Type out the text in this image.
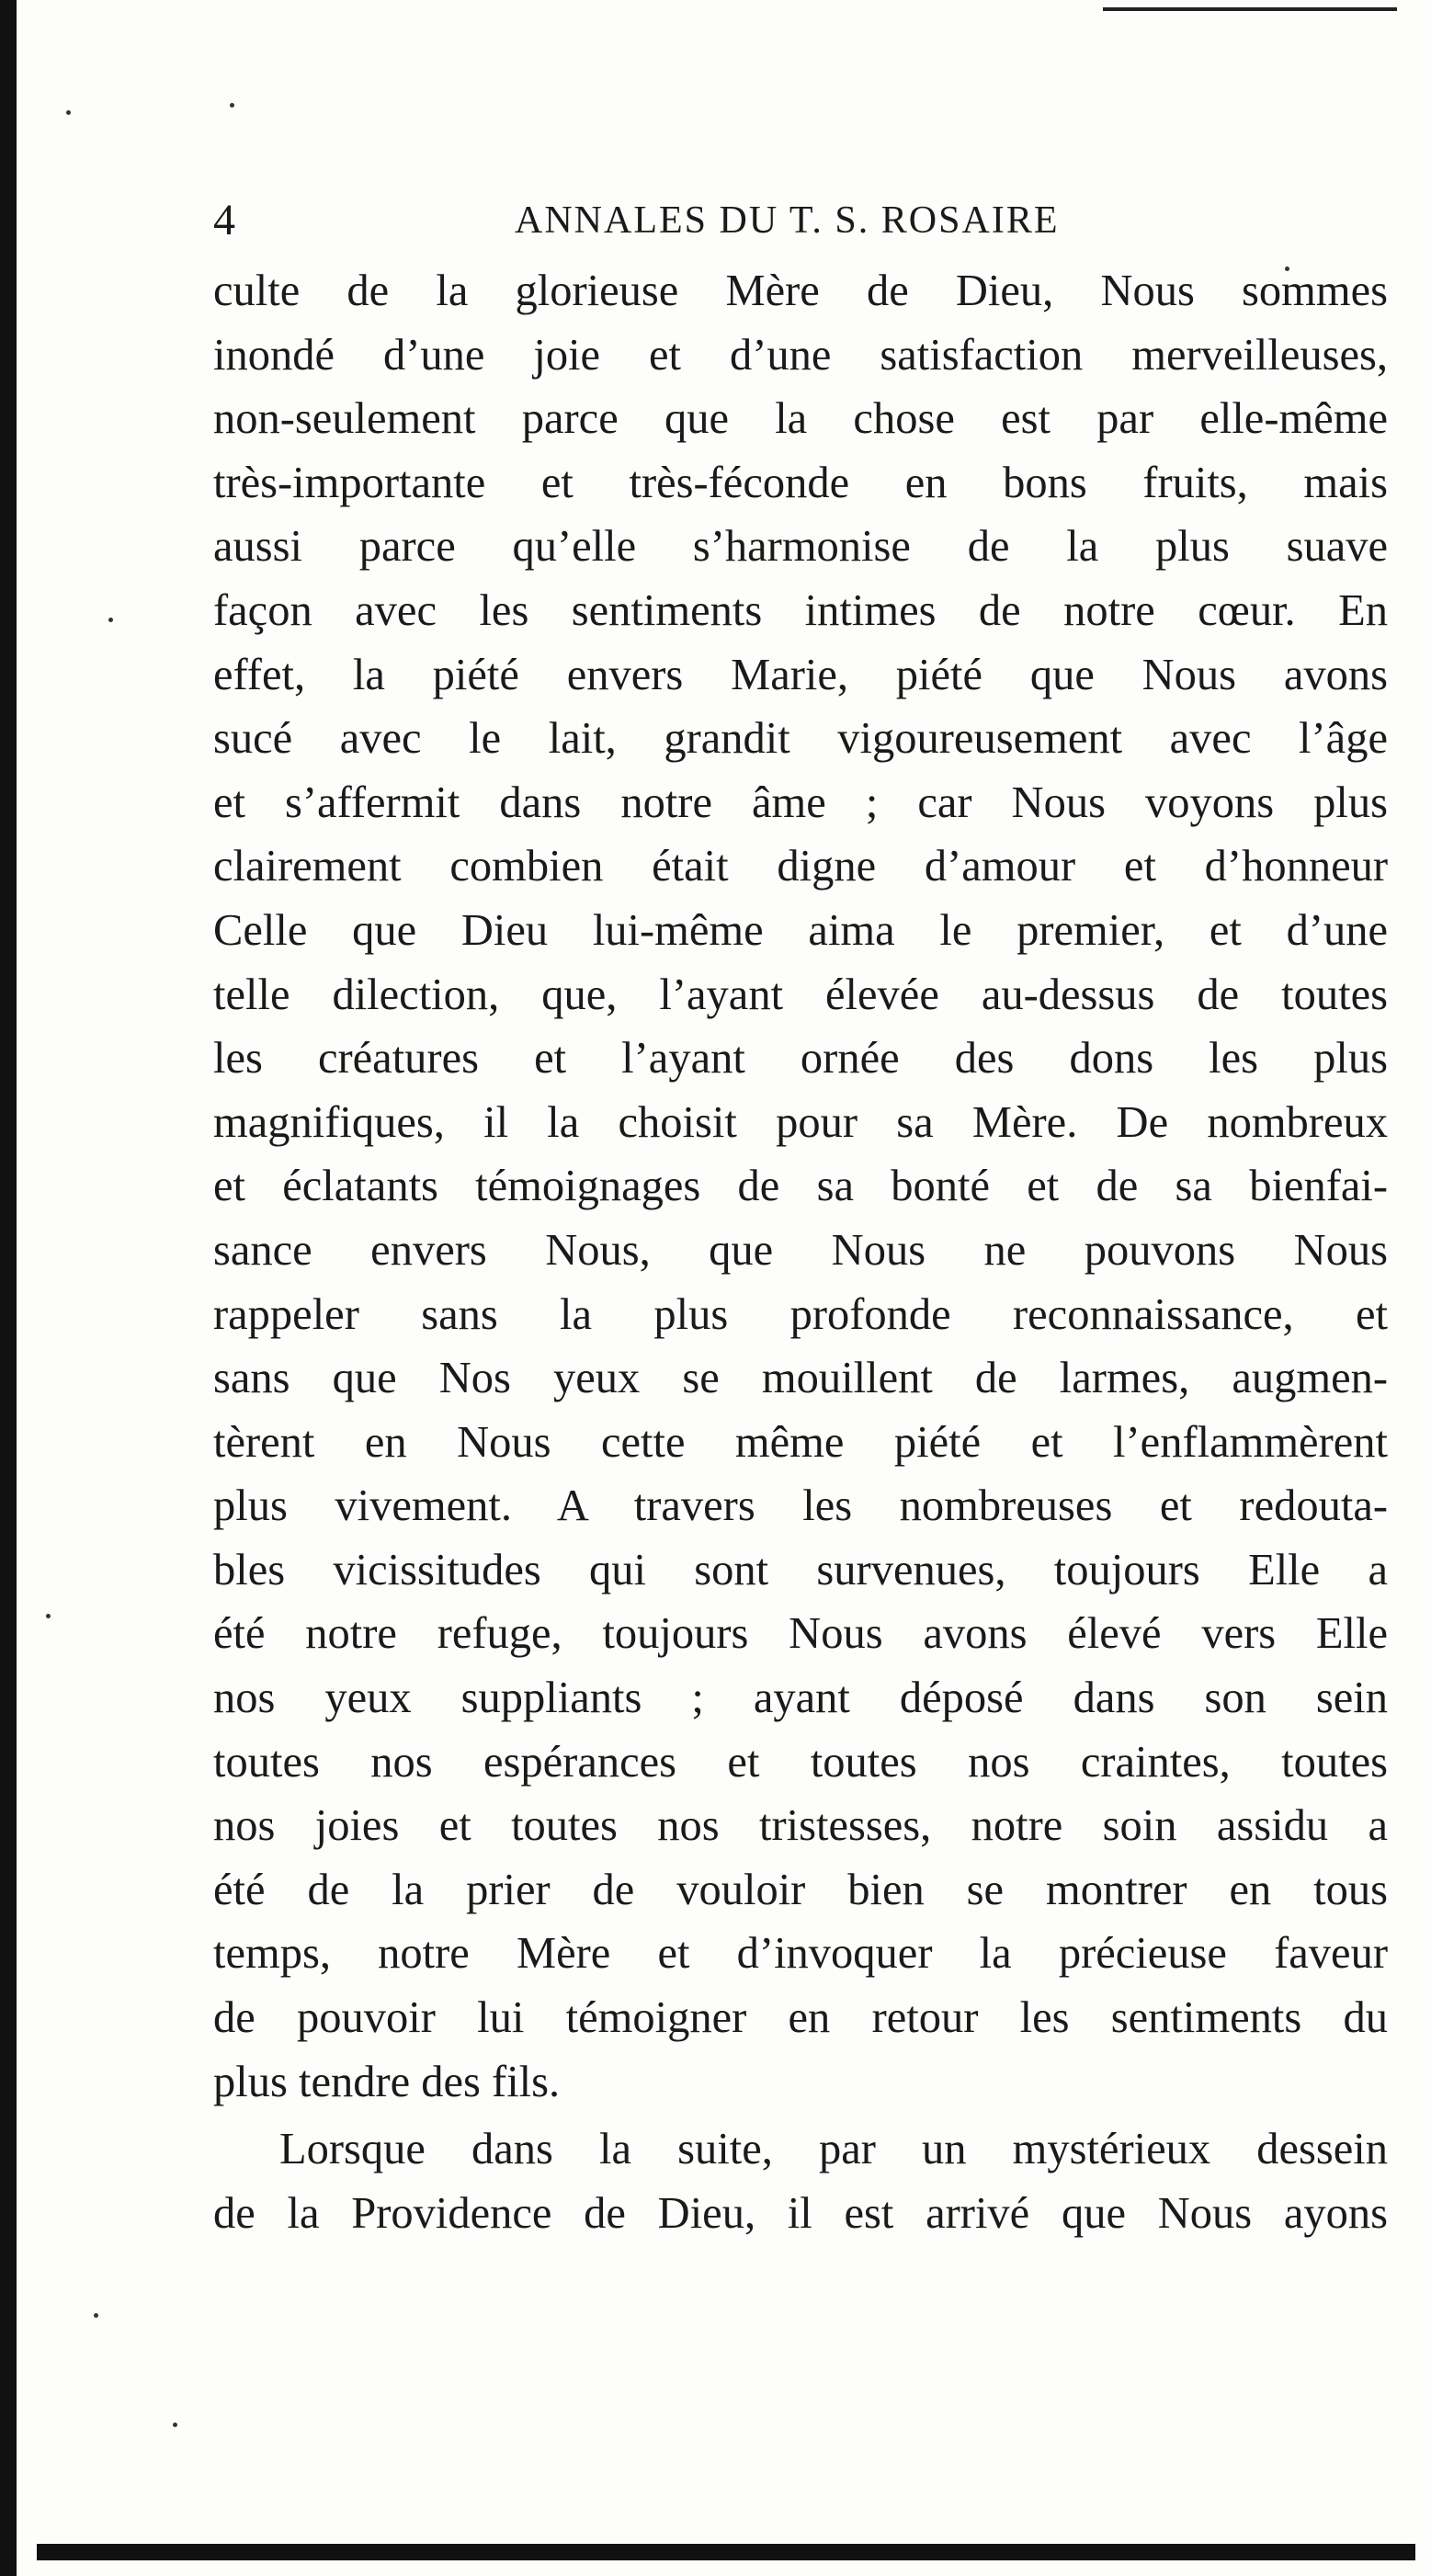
4	ANNALES DU T. S. ROSAIRE
culte de la glorieuse Mère de Dieu, Nous sommes
inondé d’une joie et d’une satisfaction merveilleuses,
non-seulement parce que la chose est par elle-même
très-importante et très-féconde en bons fruits, mais
aussi parce qu’elle s’harmonise de la plus suave
façon avec les sentiments intimes de notre cœur. En
effet, la piété envers Marie, piété que Nous avons
sucé avec le lait, grandit vigoureusement avec l’âge
et s’affermit dans notre âme ; car Nous voyons plus
clairement combien était digne d’amour et d’honneur
Celle que Dieu lui-même aima le premier, et d’une
telle dilection, que, l’ayant élevée au-dessus de toutes
les créatures et l’ayant ornée des dons les plus
magnifiques, il la choisit pour sa Mère. De nombreux
et éclatants témoignages de sa bonté et de sa bienfai-
sance envers Nous, que Nous ne pouvons Nous
rappeler sans la plus profonde reconnaissance, et
sans que Nos yeux se mouillent de larmes, augmen-
tèrent en Nous cette même piété et l’enflammèrent
plus vivement. A travers les nombreuses et redouta-
bles vicissitudes qui sont survenues, toujours Elle a
été notre refuge, toujours Nous avons élevé vers Elle
nos yeux suppliants ; ayant déposé dans son sein
toutes nos espérances et toutes nos craintes, toutes
nos joies et toutes nos tristesses, notre soin assidu a
été de la prier de vouloir bien se montrer en tous
temps, notre Mère et d’invoquer la précieuse faveur
de pouvoir lui témoigner en retour les sentiments du
plus tendre des fils.
Lorsque dans la suite, par un mystérieux dessein
de la Providence de Dieu, il est arrivé que Nous ayons
